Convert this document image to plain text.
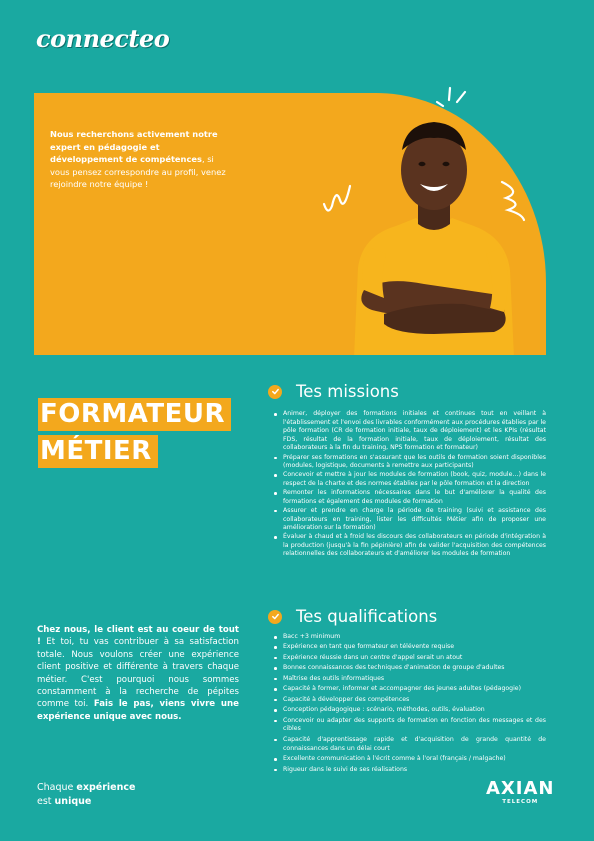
connecteo
Nous recherchons activement notre expert en pédagogie et développement de compétences, si vous pensez correspondre au profil, venez rejoindre notre équipe !
FORMATEUR
MÉTIER
Tes missions
Animer, déployer des formations initiales et continues tout en veillant à l'établissement et l'envoi des livrables conformément aux procédures établies par le pôle formation (CR de formation initiale, taux de déploiement) et les KPIs (résultat FDS, résultat de la formation initiale, taux de déploiement, résultat des collaborateurs à la fin du training, NPS formation et formateur)
Préparer ses formations en s'assurant que les outils de formation soient disponibles (modules, logistique, documents à remettre aux participants)
Concevoir et mettre à jour les modules de formation (book, quiz, module…) dans le respect de la charte et des normes établies par le pôle formation et la direction
Remonter les informations nécessaires dans le but d'améliorer la qualité des formations et également des modules de formation
Assurer et prendre en charge la période de training (suivi et assistance des collaborateurs en training, lister les difficultés Métier afin de proposer une amélioration sur la formation)
Évaluer à chaud et à froid les discours des collaborateurs en période d'intégration à la production (jusqu'à la fin pépinière) afin de valider l'acquisition des compétences relationnelles des collaborateurs et d'améliorer les modules de formation
Tes qualifications
Bacc +3 minimum
Expérience en tant que formateur en télévente requise
Expérience réussie dans un centre d'appel serait un atout
Bonnes connaissances des techniques d'animation de groupe d'adultes
Maîtrise des outils informatiques
Capacité à former, informer et accompagner des jeunes adultes (pédagogie)
Capacité à développer des compétences
Conception pédagogique : scénario, méthodes, outils, évaluation
Concevoir ou adapter des supports de formation en fonction des messages et des cibles
Capacité d'apprentissage rapide et d'acquisition de grande quantité de connaissances dans un délai court
Excellente communication à l'écrit comme à l'oral (français / malgache)
Rigueur dans le suivi de ses réalisations
Chez nous, le client est au coeur de tout ! Et toi, tu vas contribuer à sa satisfaction totale. Nous voulons créer une expérience client positive et différente à travers chaque métier. C'est pourquoi nous sommes constamment à la recherche de pépites comme toi. Fais le pas, viens vivre une expérience unique avec nous.
Chaque expérience
est unique
AXIAN
TELECOM
